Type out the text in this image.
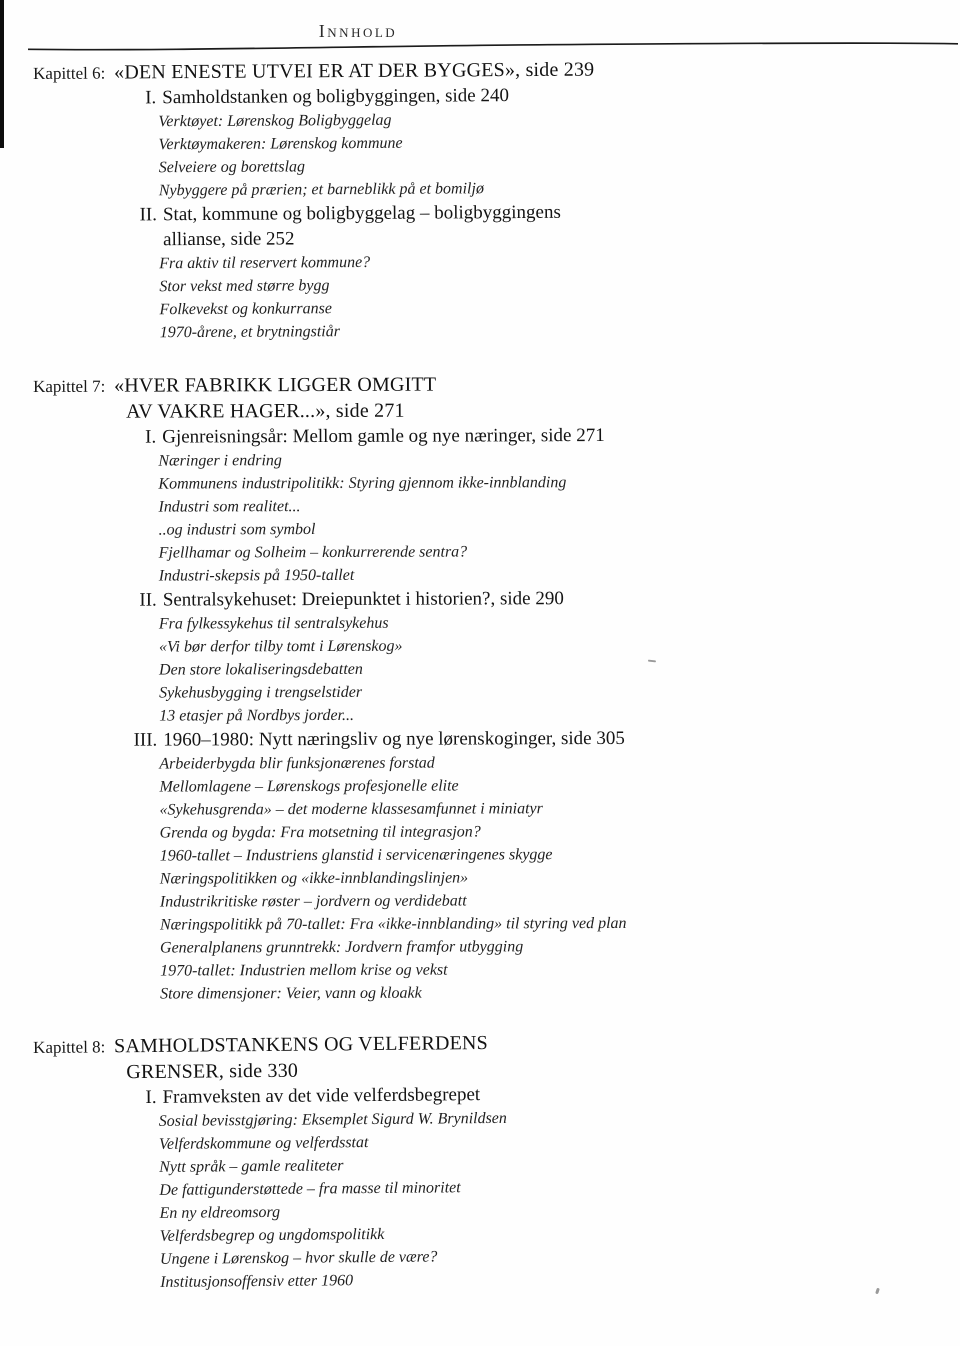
Innhold
Kapittel 6: «DEN ENESTE UTVEI ER AT DER BYGGES», side 239
I. Samholdstanken og boligbyggingen, side 240
Verktøyet: Lørenskog Boligbyggelag
Verktøymakeren: Lørenskog kommune
Selveiere og borettslag
Nybyggere på prærien; et barneblikk på et bomiljø
II. Stat, kommune og boligbyggelag – boligbyggingens
allianse, side 252
Fra aktiv til reservert kommune?
Stor vekst med større bygg
Folkevekst og konkurranse
1970-årene, et brytningstiår
Kapittel 7: «HVER FABRIKK LIGGER OMGITT
AV VAKRE HAGER...», side 271
I. Gjenreisningsår: Mellom gamle og nye næringer, side 271
Næringer i endring
Kommunens industripolitikk: Styring gjennom ikke-innblanding
Industri som realitet...
..og industri som symbol
Fjellhamar og Solheim – konkurrerende sentra?
Industri-skepsis på 1950-tallet
II. Sentralsykehuset: Dreiepunktet i historien?, side 290
Fra fylkessykehus til sentralsykehus
«Vi bør derfor tilby tomt i Lørenskog»
Den store lokaliseringsdebatten
Sykehusbygging i trengselstider
13 etasjer på Nordbys jorder...
III. 1960–1980: Nytt næringsliv og nye lørenskoginger, side 305
Arbeiderbygda blir funksjonærenes forstad
Mellomlagene – Lørenskogs profesjonelle elite
«Sykehusgrenda» – det moderne klassesamfunnet i miniatyr
Grenda og bygda: Fra motsetning til integrasjon?
1960-tallet – Industriens glanstid i servicenæringenes skygge
Næringspolitikken og «ikke-innblandingslinjen»
Industrikritiske røster – jordvern og verdidebatt
Næringspolitikk på 70-tallet: Fra «ikke-innblanding» til styring ved plan
Generalplanens grunntrekk: Jordvern framfor utbygging
1970-tallet: Industrien mellom krise og vekst
Store dimensjoner: Veier, vann og kloakk
Kapittel 8: SAMHOLDSTANKENS OG VELFERDENS
GRENSER, side 330
I. Framveksten av det vide velferdsbegrepet
Sosial bevisstgjøring: Eksemplet Sigurd W. Brynildsen
Velferdskommune og velferdsstat
Nytt språk – gamle realiteter
De fattigunderstøttede – fra masse til minoritet
En ny eldreomsorg
Velferdsbegrep og ungdomspolitikk
Ungene i Lørenskog – hvor skulle de være?
Institusjonsoffensiv etter 1960
